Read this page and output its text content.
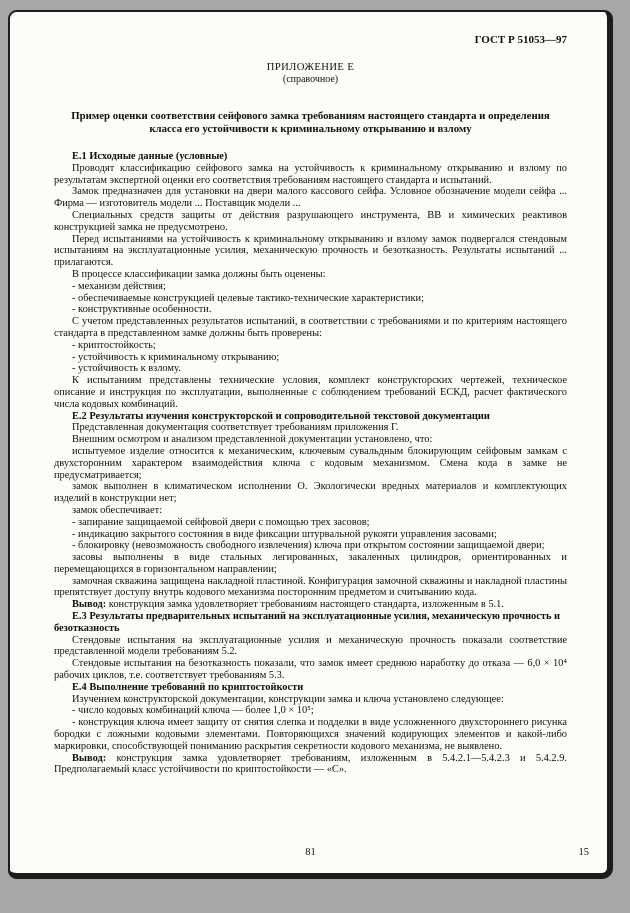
ГОСТ Р 51053—97
ПРИЛОЖЕНИЕ Е
(справочное)
Пример оценки соответствия сейфового замка требованиям настоящего стандарта и определения класса его устойчивости к криминальному открыванию и взлому
Е.1 Исходные данные (условные)
Проводят классификацию сейфового замка на устойчивость к криминальному открыванию и взлому по результатам экспертной оценки его соответствия требованиям настоящего стандарта и испытаний.
Замок предназначен для установки на двери малого кассового сейфа. Условное обозначение модели сейфа ... Фирма — изготовитель модели ... Поставщик модели ...
Специальных средств защиты от действия разрушающего инструмента, ВВ и химических реактивов конструкцией замка не предусмотрено.
Перед испытаниями на устойчивость к криминальному открыванию и взлому замок подвергался стендовым испытаниям на эксплуатационные усилия, механическую прочность и безотказность. Результаты испытаний ... прилагаются.
В процессе классификации замка должны быть оценены:
- механизм действия;
- обеспечиваемые конструкцией целевые тактико-технические характеристики;
- конструктивные особенности.
С учетом представленных результатов испытаний, в соответствии с требованиями и по критериям настоящего стандарта в представленном замке должны быть проверены:
- криптостойкость;
- устойчивость к криминальному открыванию;
- устойчивость к взлому.
К испытаниям представлены технические условия, комплект конструкторских чертежей, техническое описание и инструкция по эксплуатации, выполненные с соблюдением требований ЕСКД, расчет фактического числа кодовых комбинаций.
Е.2 Результаты изучения конструкторской и сопроводительной текстовой документации
Представленная документация соответствует требованиям приложения Г.
Внешним осмотром и анализом представленной документации установлено, что:
испытуемое изделие относится к механическим, ключевым сувальдным блокирующим сейфовым замкам с двухсторонним характером взаимодействия ключа с кодовым механизмом. Смена кода в замке не предусматривается;
замок выполнен в климатическом исполнении О. Экологически вредных материалов и комплектующих изделий в конструкции нет;
замок обеспечивает:
- запирание защищаемой сейфовой двери с помощью трех засовов;
- индикацию закрытого состояния в виде фиксации штурвальной рукояти управления засовами;
- блокировку (невозможность свободного извлечения) ключа при открытом состоянии защищаемой двери;
засовы выполнены в виде стальных легированных, закаленных цилиндров, ориентированных и перемещающихся в горизонтальном направлении;
замочная скважина защищена накладной пластиной. Конфигурация замочной скважины и накладной пластины препятствует доступу внутрь кодового механизма посторонним предметом и считыванию кода.
Вывод: конструкция замка удовлетворяет требованиям настоящего стандарта, изложенным в 5.1.
Е.3 Результаты предварительных испытаний на эксплуатационные усилия, механическую прочность и безотказность
Стендовые испытания на эксплуатационные усилия и механическую прочность показали соответствие представленной модели требованиям 5.2.
Стендовые испытания на безотказность показали, что замок имеет среднюю наработку до отказа — 6,0 × 10⁴ рабочих циклов, т.е. соответствует требованиям 5.3.
Е.4 Выполнение требований по криптостойкости
Изучением конструкторской документации, конструкции замка и ключа установлено следующее:
- число кодовых комбинаций ключа — более 1,0 × 10⁵;
- конструкция ключа имеет защиту от снятия слепка и подделки в виде усложненного двухстороннего рисунка бородки с ложными кодовыми элементами. Повторяющихся значений кодирующих элементов и какой-либо маркировки, способствующей пониманию раскрытия секретности кодового механизма, не выявлено.
Вывод: конструкция замка удовлетворяет требованиям, изложенным в 5.4.2.1—5.4.2.3 и 5.4.2.9. Предполагаемый класс устойчивости по криптостойкости — «С».
81	15
